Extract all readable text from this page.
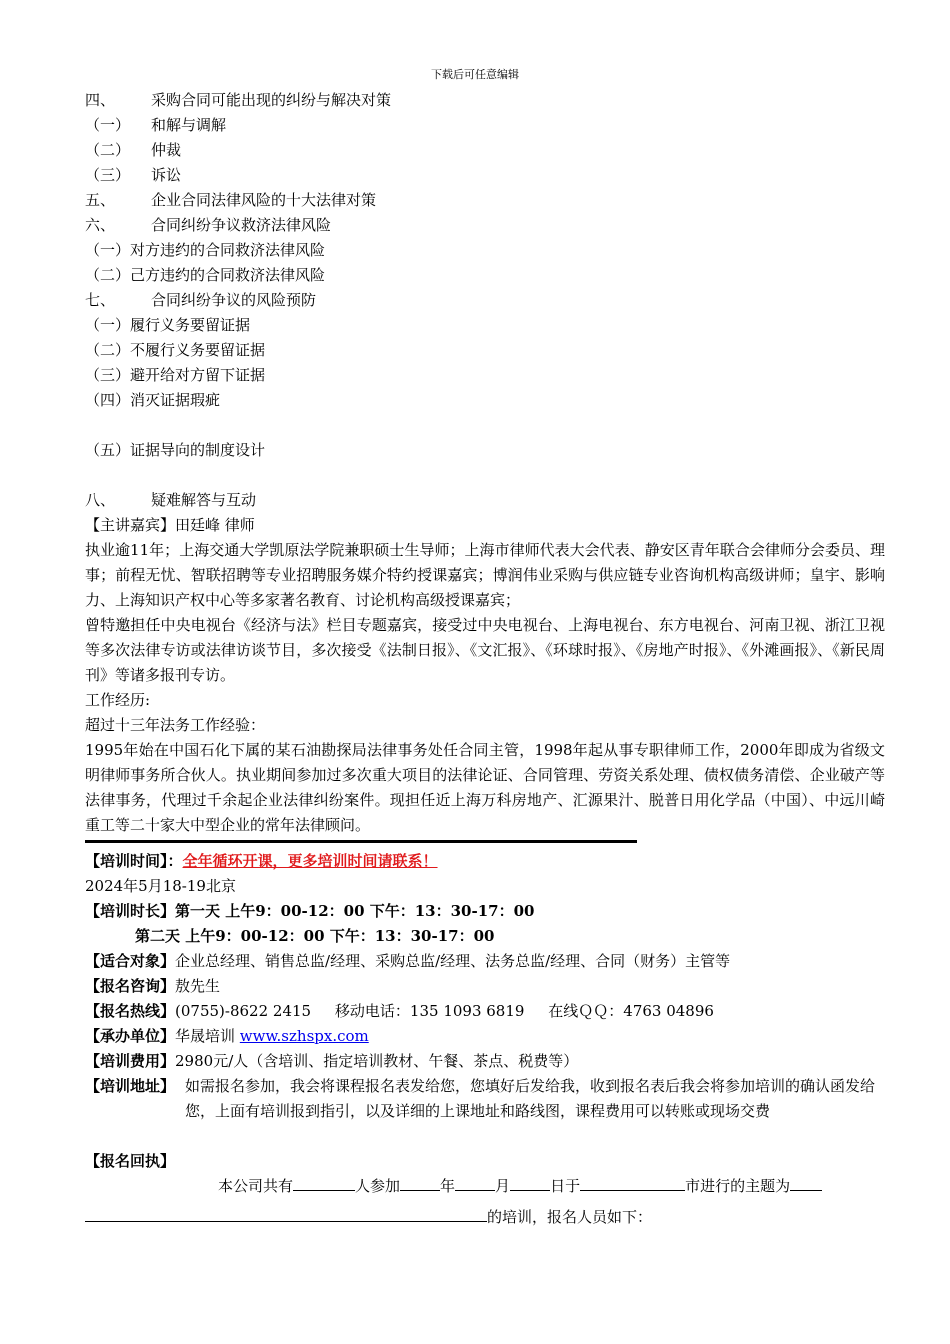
下载后可任意编辑
四、 采购合同可能出现的纠纷与解决对策
（一） 和解与调解
（二） 仲裁
（三） 诉讼
五、 企业合同法律风险的十大法律对策
六、 合同纠纷争议救济法律风险
（一）对方违约的合同救济法律风险
（二）己方违约的合同救济法律风险
七、 合同纠纷争议的风险预防
（一）履行义务要留证据
（二）不履行义务要留证据
（三）避开给对方留下证据
（四）消灭证据瑕疵
（五）证据导向的制度设计
八、 疑难解答与互动
【主讲嘉宾】田廷峰 律师
执业逾11年；上海交通大学凯原法学院兼职硕士生导师；上海市律师代表大会代表、静安区青年联合会律师分会委员、理事；前程无忧、智联招聘等专业招聘服务媒介特约授课嘉宾；博润伟业采购与供应链专业咨询机构高级讲师；皇宇、影响力、上海知识产权中心等多家著名教育、讨论机构高级授课嘉宾；
曾特邀担任中央电视台《经济与法》栏目专题嘉宾，接受过中央电视台、上海电视台、东方电视台、河南卫视、浙江卫视等多次法律专访或法律访谈节目，多次接受《法制日报》、《文汇报》、《环球时报》、《房地产时报》、《外滩画报》、《新民周刊》等诸多报刊专访。
工作经历:
超过十三年法务工作经验：
1995年始在中国石化下属的某石油勘探局法律事务处任合同主管，1998年起从事专职律师工作，2000年即成为省级文明律师事务所合伙人。执业期间参加过多次重大项目的法律论证、合同管理、劳资关系处理、债权债务清偿、企业破产等法律事务，代理过千余起企业法律纠纷案件。现担任近上海万科房地产、汇源果汁、脱普日用化学品（中国）、中远川崎重工等二十家大中型企业的常年法律顾问。
【培训时间】：全年循环开课，更多培训时间请联系！
2024年5月18-19北京
【培训时长】第一天 上午9：00-12：00 下午：13：30-17：00
第二天 上午9：00-12：00 下午：13：30-17：00
【适合对象】企业总经理、销售总监/经理、采购总监/经理、法务总监/经理、合同（财务）主管等
【报名咨询】敖先生
【报名热线】(0755)-8622 2415     移动电话：135 1093 6819     在线ＱＱ：4763 04896
【承办单位】华晟培训 www.szhspx.com
【培训费用】2980元/人（含培训、指定培训教材、午餐、茶点、税费等）
【培训地址】 如需报名参加，我会将课程报名表发给您，您填好后发给我，收到报名表后我会将参加培训的确认函发给您，上面有培训报到指引，以及详细的上课地址和路线图，课程费用可以转账或现场交费
【报名回执】
本公司共有	人参加	年	月	日于	市进行的主题为
的培训，报名人员如下：
